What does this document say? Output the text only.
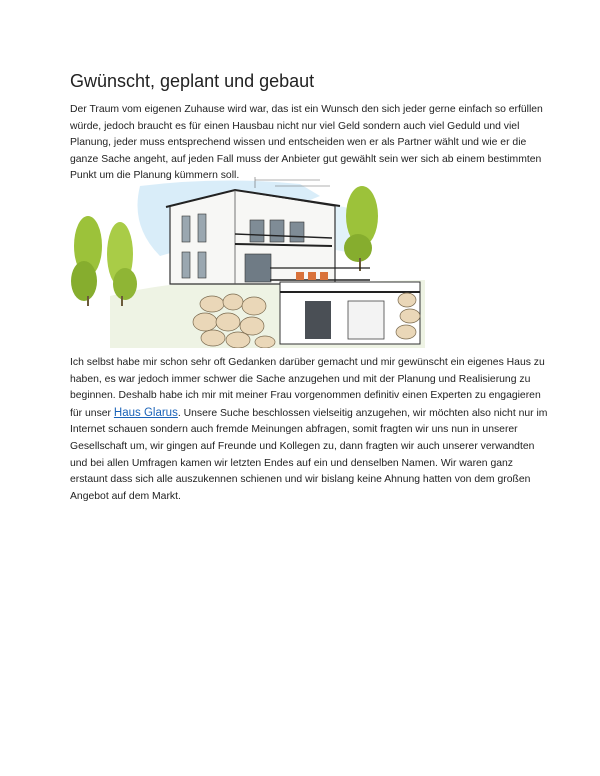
Gwünscht, geplant und gebaut
Der Traum vom eigenen Zuhause wird war, das ist ein Wunsch den sich jeder gerne einfach so erfüllen
würde, jedoch braucht es für einen Hausbau nicht nur viel Geld sondern auch viel Geduld und viel
Planung, jeder muss entsprechend wissen und entscheiden wen er als Partner wählt und wie er die
ganze Sache angeht, auf jeden Fall muss der Anbieter gut gewählt sein wer sich ab einem bestimmten
Punkt um die Planung kümmern soll.
Ich selbst habe mir schon sehr oft Gedanken darüber gemacht und mir gewünscht ein eigenes Haus zu
haben, es war jedoch immer schwer die Sache anzugehen und mit der Planung und Realisierung zu
beginnen. Deshalb habe ich mir mit meiner Frau vorgenommen definitiv einen Experten zu engagieren
für unser Haus Glarus. Unsere Suche beschlossen vielseitig anzugehen, wir möchten also nicht nur im
Internet schauen sondern auch fremde Meinungen abfragen, somit fragten wir uns nun in unserer
Gesellschaft um, wir gingen auf Freunde und Kollegen zu, dann fragten wir auch unserer verwandten
und bei allen Umfragen kamen wir letzten Endes auf ein und denselben Namen. Wir waren ganz
erstaunt dass sich alle auszukennen schienen und wir bislang keine Ahnung hatten von dem großen
Angebot auf dem Markt.
